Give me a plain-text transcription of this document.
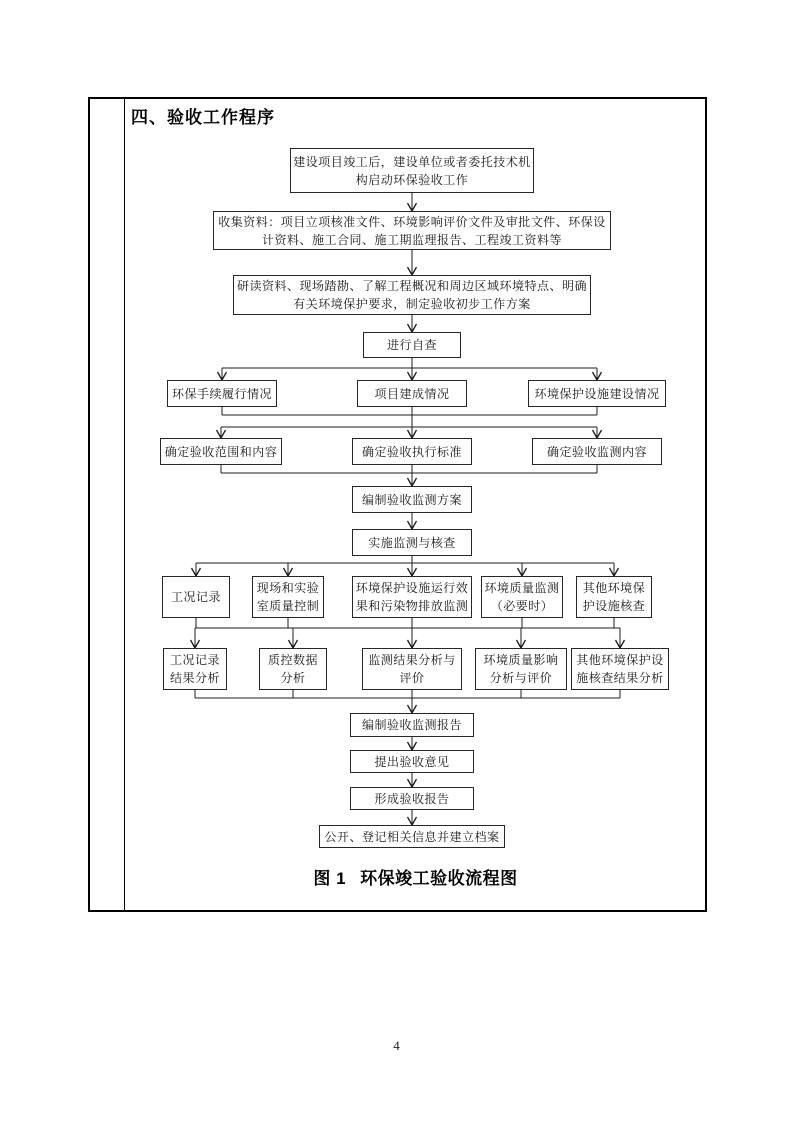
四、验收工作程序
建设项目竣工后，建设单位或者委托技术机构启动环保验收工作
收集资料：项目立项核准文件、环境影响评价文件及审批文件、环保设计资料、施工合同、施工期监理报告、工程竣工资料等
研读资料、现场踏勘、了解工程概况和周边区域环境特点、明确有关环境保护要求，制定验收初步工作方案
进行自查
环保手续履行情况	项目建成情况	环境保护设施建设情况
确定验收范围和内容	确定验收执行标准	确定验收监测内容
编制验收监测方案
实施监测与核查
工况记录
现场和实验室质量控制
环境保护设施运行效果和污染物排放监测
环境质量监测（必要时）
其他环境保护设施核查
工况记录结果分析
质控数据分析
监测结果分析与评价
环境质量影响分析与评价
其他环境保护设施核查结果分析
编制验收监测报告
提出验收意见
形成验收报告
公开、登记相关信息并建立档案
图 1 环保竣工验收流程图
4
